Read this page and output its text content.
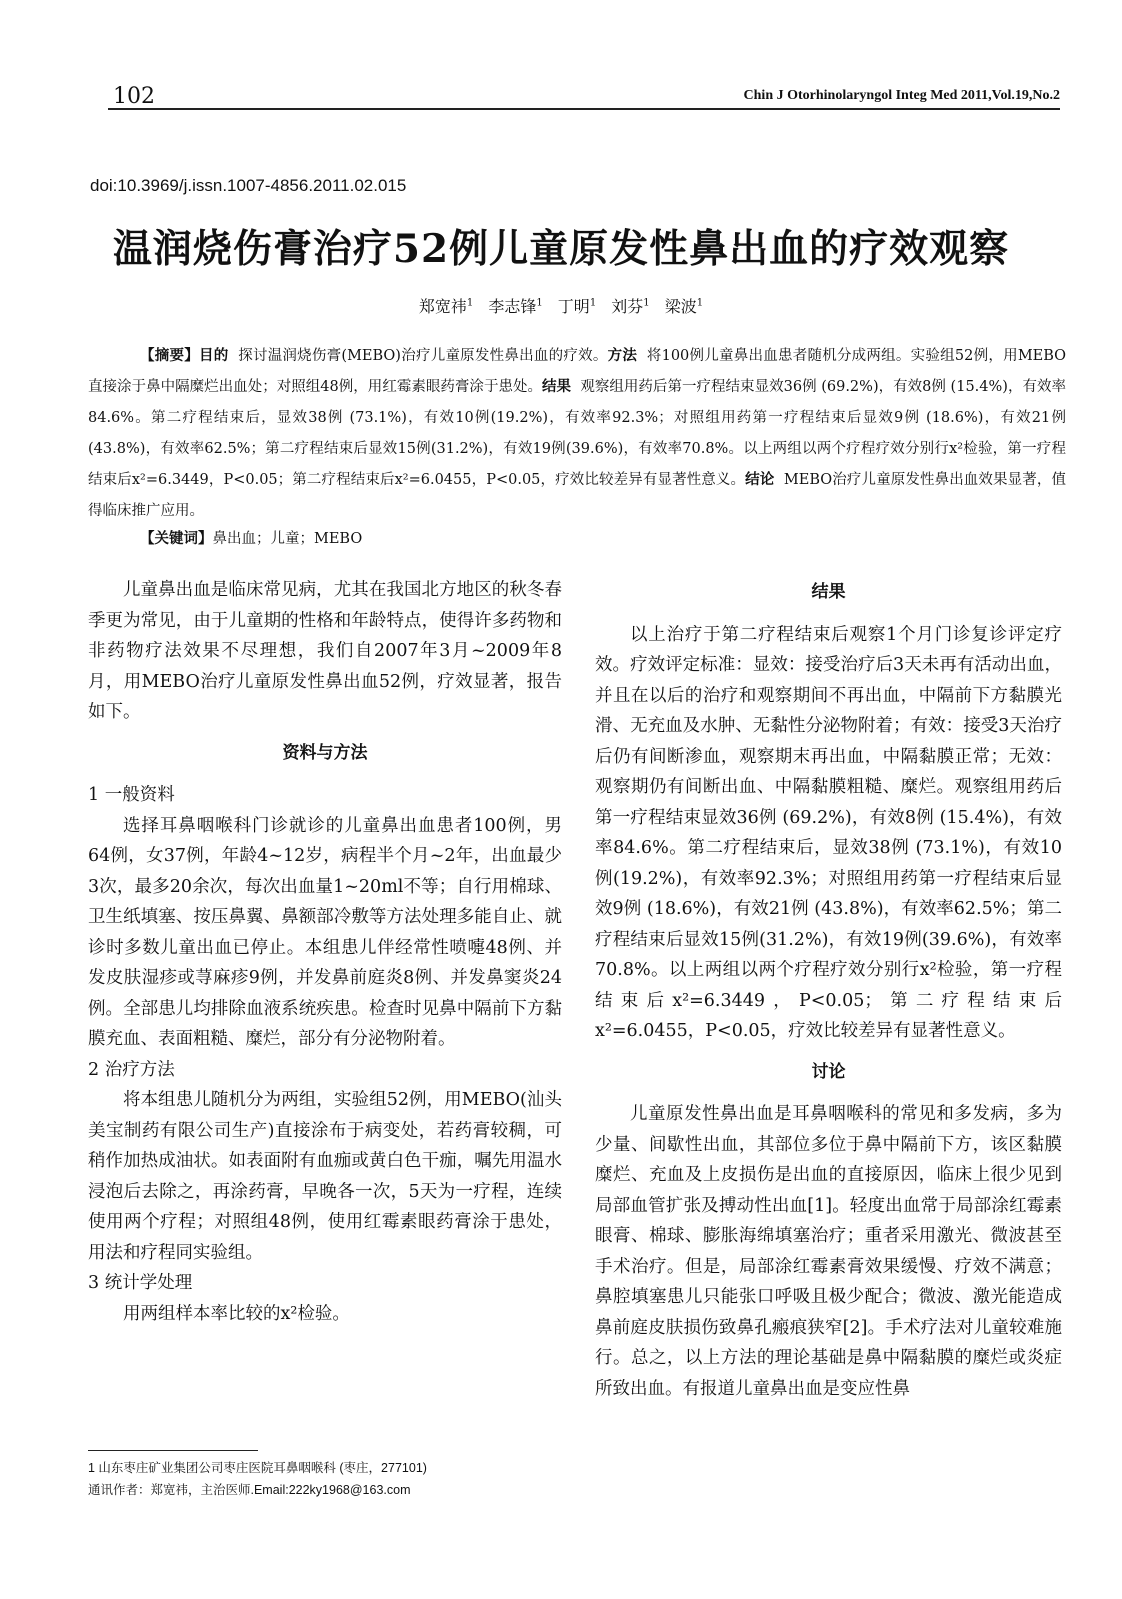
102	Chin J Otorhinolaryngol Integ Med 2011,Vol.19,No.2
doi:10.3969/j.issn.1007-4856.2011.02.015
温润烧伤膏治疗52例儿童原发性鼻出血的疗效观察
郑宽祎$^1$ 李志锋$^1$ 丁明$^1$ 刘芬$^1$ 梁波$^1$
【摘要】目的 探讨温润烧伤膏(MEBO)治疗儿童原发性鼻出血的疗效。方法 将100例儿童鼻出血患者随机分成两组。实验组52例，用MEBO直接涂于鼻中隔糜烂出血处；对照组48例，用红霉素眼药膏涂于患处。结果 观察组用药后第一疗程结束显效36例 (69.2%)，有效8例 (15.4%)，有效率84.6%。第二疗程结束后，显效38例 (73.1%)，有效10例(19.2%)，有效率92.3%；对照组用药第一疗程结束后显效9例 (18.6%)，有效21例 (43.8%)，有效率62.5%；第二疗程结束后显效15例(31.2%)，有效19例(39.6%)，有效率70.8%。以上两组以两个疗程疗效分别行x²检验，第一疗程结束后x²=6.3449，P<0.05；第二疗程结束后x²=6.0455，P<0.05，疗效比较差异有显著性意义。结论 MEBO治疗儿童原发性鼻出血效果显著，值得临床推广应用。
【关键词】鼻出血；儿童；MEBO

儿童鼻出血是临床常见病，尤其在我国北方地区的秋冬春季更为常见，由于儿童期的性格和年龄特点，使得许多药物和非药物疗法效果不尽理想，我们自2007年3月~2009年8月，用MEBO治疗儿童原发性鼻出血52例，疗效显著，报告如下。

资料与方法
1 一般资料

选择耳鼻咽喉科门诊就诊的儿童鼻出血患者100例，男64例，女37例，年龄4~12岁，病程半个月~2年，出血最少3次，最多20余次，每次出血量1~20ml不等；自行用棉球、卫生纸填塞、按压鼻翼、鼻额部冷敷等方法处理多能自止、就诊时多数儿童出血已停止。本组患儿伴经常性喷嚏48例、并发皮肤湿疹或荨麻疹9例，并发鼻前庭炎8例、并发鼻窦炎24例。全部患儿均排除血液系统疾患。检查时见鼻中隔前下方黏膜充血、表面粗糙、糜烂，部分有分泌物附着。

2 治疗方法

将本组患儿随机分为两组，实验组52例，用MEBO(汕头美宝制药有限公司生产)直接涂布于病变处，若药膏较稠，可稍作加热成油状。如表面附有血痂或黄白色干痂，嘱先用温水浸泡后去除之，再涂药膏，早晚各一次，5天为一疗程，连续使用两个疗程；对照组48例，使用红霉素眼药膏涂于患处，用法和疗程同实验组。

3 统计学处理

用两组样本率比较的x²检验。

结果

以上治疗于第二疗程结束后观察1个月门诊复诊评定疗效。疗效评定标准：显效：接受治疗后3天未再有活动出血，并且在以后的治疗和观察期间不再出血，中隔前下方黏膜光滑、无充血及水肿、无黏性分泌物附着；有效：接受3天治疗后仍有间断渗血，观察期末再出血，中隔黏膜正常；无效：观察期仍有间断出血、中隔黏膜粗糙、糜烂。观察组用药后第一疗程结束显效36例 (69.2%)，有效8例 (15.4%)，有效率84.6%。第二疗程结束后，显效38例 (73.1%)，有效10例(19.2%)，有效率92.3%；对照组用药第一疗程结束后显效9例 (18.6%)，有效21例 (43.8%)，有效率62.5%；第二疗程结束后显效15例(31.2%)，有效19例(39.6%)，有效率70.8%。以上两组以两个疗程疗效分别行x²检验，第一疗程结束后x²=6.3449，P<0.05；第二疗程结束后x²=6.0455，P<0.05，疗效比较差异有显著性意义。

讨论

儿童原发性鼻出血是耳鼻咽喉科的常见和多发病，多为少量、间歇性出血，其部位多位于鼻中隔前下方，该区黏膜糜烂、充血及上皮损伤是出血的直接原因，临床上很少见到局部血管扩张及搏动性出血[1]。轻度出血常于局部涂红霉素眼膏、棉球、膨胀海绵填塞治疗；重者采用激光、微波甚至手术治疗。但是，局部涂红霉素膏效果缓慢、疗效不满意；鼻腔填塞患儿只能张口呼吸且极少配合；微波、激光能造成鼻前庭皮肤损伤致鼻孔瘢痕狭窄[2]。手术疗法对儿童较难施行。总之，以上方法的理论基础是鼻中隔黏膜的糜烂或炎症所致出血。有报道儿童鼻出血是变应性鼻

1 山东枣庄矿业集团公司枣庄医院耳鼻咽喉科 (枣庄，277101)
通讯作者：郑宽祎，主治医师.Email:222ky1968@163.com
